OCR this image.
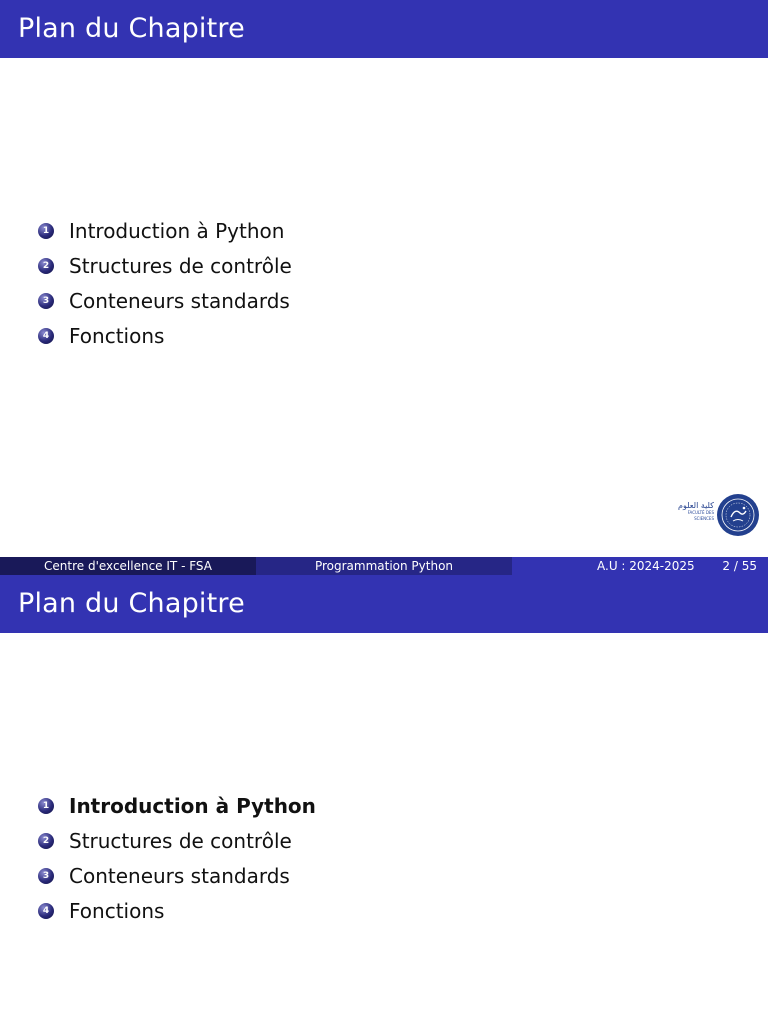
Plan du Chapitre
1 Introduction à Python
2 Structures de contrôle
3 Conteneurs standards
4 Fonctions
كلية العلوم
FACULTÉ DES SCIENCES
Centre d'excellence IT - FSA	Programmation Python	A.U : 2024-2025 2 / 55
Plan du Chapitre
1 Introduction à Python
2 Structures de contrôle
3 Conteneurs standards
4 Fonctions
